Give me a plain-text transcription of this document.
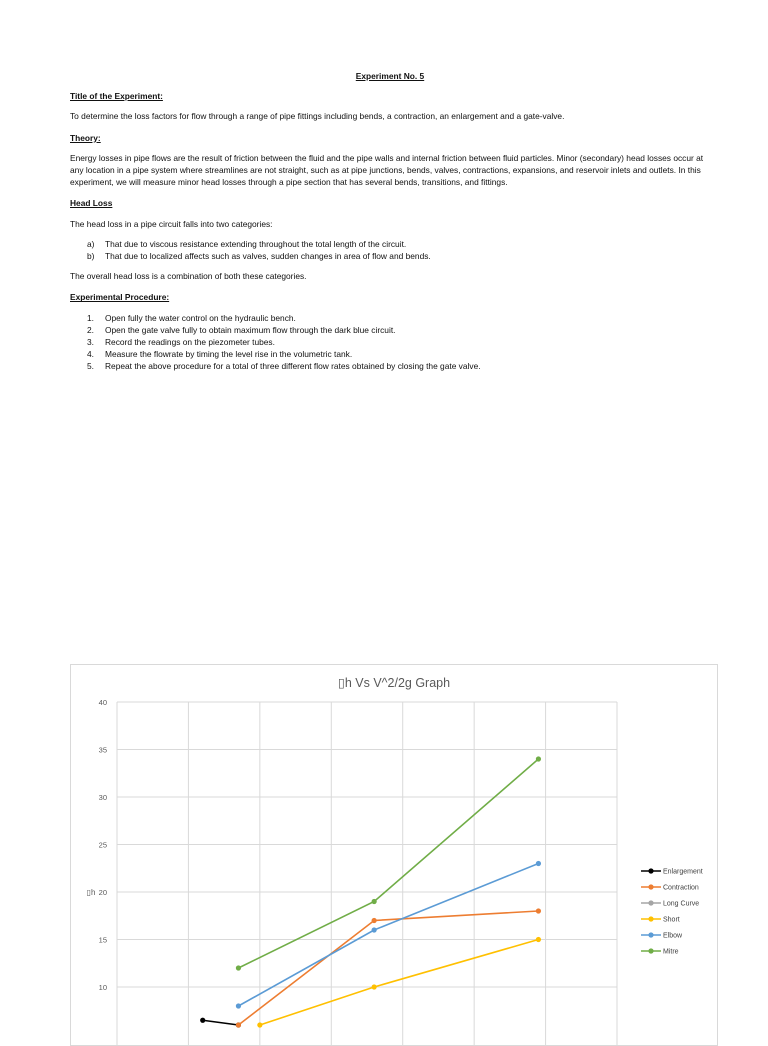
Experiment No. 5

Title of the Experiment:

To determine the loss factors for flow through a range of pipe fittings including bends, a contraction, an enlargement and a gate-valve.

Theory:

Energy losses in pipe flows are the result of friction between the fluid and the pipe walls and internal friction between fluid particles. Minor (secondary) head losses occur at any location in a pipe system where streamlines are not straight, such as at pipe junctions, bends, valves, contractions, expansions, and reservoir inlets and outlets. In this experiment, we will measure minor head losses through a pipe section that has several bends, transitions, and fittings.

Head Loss

The head loss in a pipe circuit falls into two categories:

a)	That due to viscous resistance extending throughout the total length of the circuit.
b)	That due to localized affects such as valves, sudden changes in area of flow and bends.

The overall head loss is a combination of both these categories.

Experimental Procedure:

1.	Open fully the water control on the hydraulic bench.
2.	Open the gate valve fully to obtain maximum flow through the dark blue circuit.
3.	Record the readings on the piezometer tubes.
4.	Measure the flowrate by timing the level rise in the volumetric tank.
5.	Repeat the above procedure for a total of three different flow rates obtained by closing the gate valve.
▯h Vs V^2/2g Graph
10
15
20
25
30
35
40
▯h
Enlargement
Contraction
Long Curve
Short
Elbow
Mitre
